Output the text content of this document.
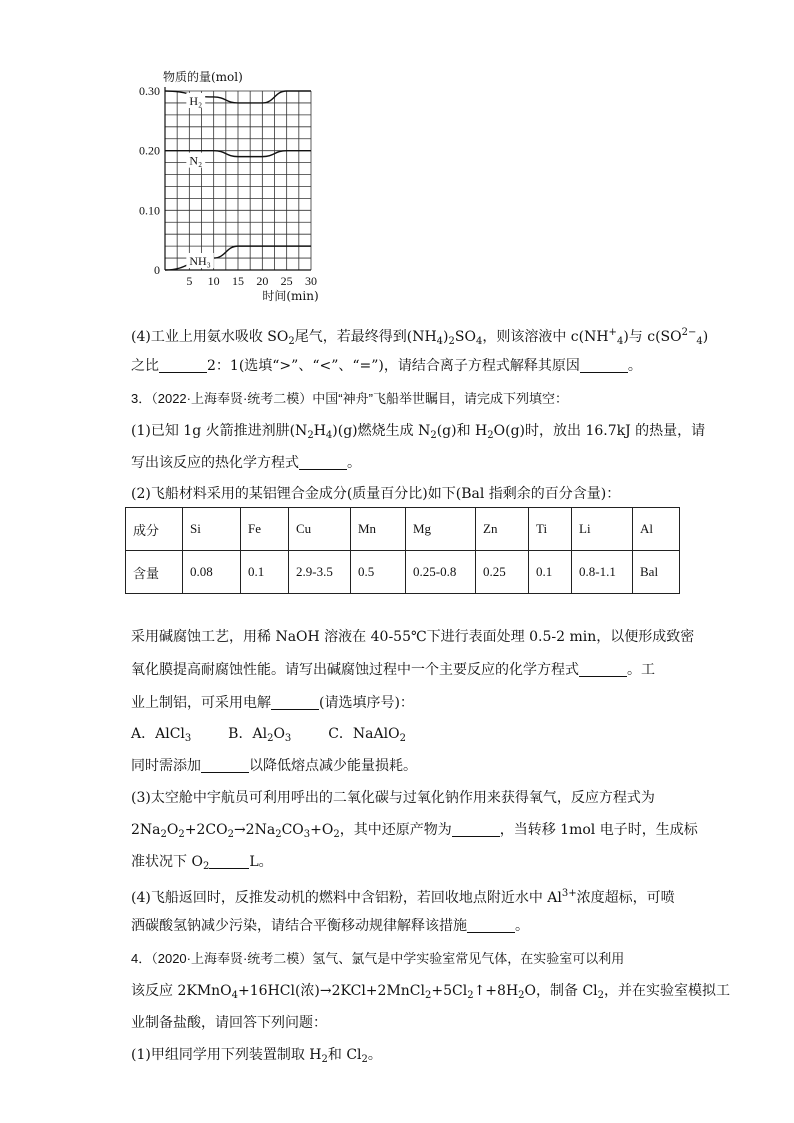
0
0.10
0.20
0.30
5 10 15 20 25 30
物质的量(mol)
时间(min)
H₂
N₂
NH₃
(4)工业上用氨水吸收 $SO_2$尾气，若最终得到$(NH_4)_2SO_4$，则该溶液中 $c(NH^+_4)$与 $c(SO^{2-}_4)$
之比	2：1(选填“>”、“<”、“=”)，请结合离子方程式解释其原因	。
3．（2022·上海奉贤·统考二模）中国“神舟”飞船举世瞩目，请完成下列填空：
(1)已知 1g 火箭推进剂肼$(N_2H_4)(g)$燃烧生成 $N_2(g)$和 $H_2O(g)$时，放出 16.7kJ 的热量，请
写出该反应的热化学方程式	。
(2)飞船材料采用的某铝锂合金成分(质量百分比)如下(Bal 指剩余的百分含量)：
成分	Si	Fe	Cu	Mn	Mg	Zn	Ti	Li	Al
含量	0.08	0.1	2.9-3.5	0.5	0.25-0.8	0.25	0.1	0.8-1.1	Bal
采用碱腐蚀工艺，用稀 NaOH 溶液在 40-55℃下进行表面处理 0.5-2 min，以便形成致密
氧化膜提高耐腐蚀性能。请写出碱腐蚀过程中一个主要反应的化学方程式	。工
业上制铝，可采用电解	(请选填序号)：
A．AlCl$_3$	B．$Al_2O_3$	C．NaAlO$_2$
同时需添加	以降低熔点减少能量损耗。
(3)太空舱中宇航员可利用呼出的二氧化碳与过氧化钠作用来获得氧气，反应方程式为
$2Na_2O_2+2CO_2\to 2Na_2CO_3+O_2$，其中还原产物为	，当转移 1mol 电子时，生成标
准状况下 $O_2$	L。
(4)飞船返回时，反推发动机的燃料中含铝粉，若回收地点附近水中 $Al^{3+}$浓度超标，可喷
洒碳酸氢钠减少污染，请结合平衡移动规律解释该措施	。
4．（2020·上海奉贤·统考二模）氢气、氯气是中学实验室常见气体，在实验室可以利用
该反应 2KMnO$_4$+16HCl(浓)$\to 2KCl+2MnCl_2+5Cl_2↑+8H_2O$，制备 $Cl_2$，并在实验室模拟工
业制备盐酸，请回答下列问题：
(1)甲组同学用下列装置制取 $H_2$和 $Cl_2$。
